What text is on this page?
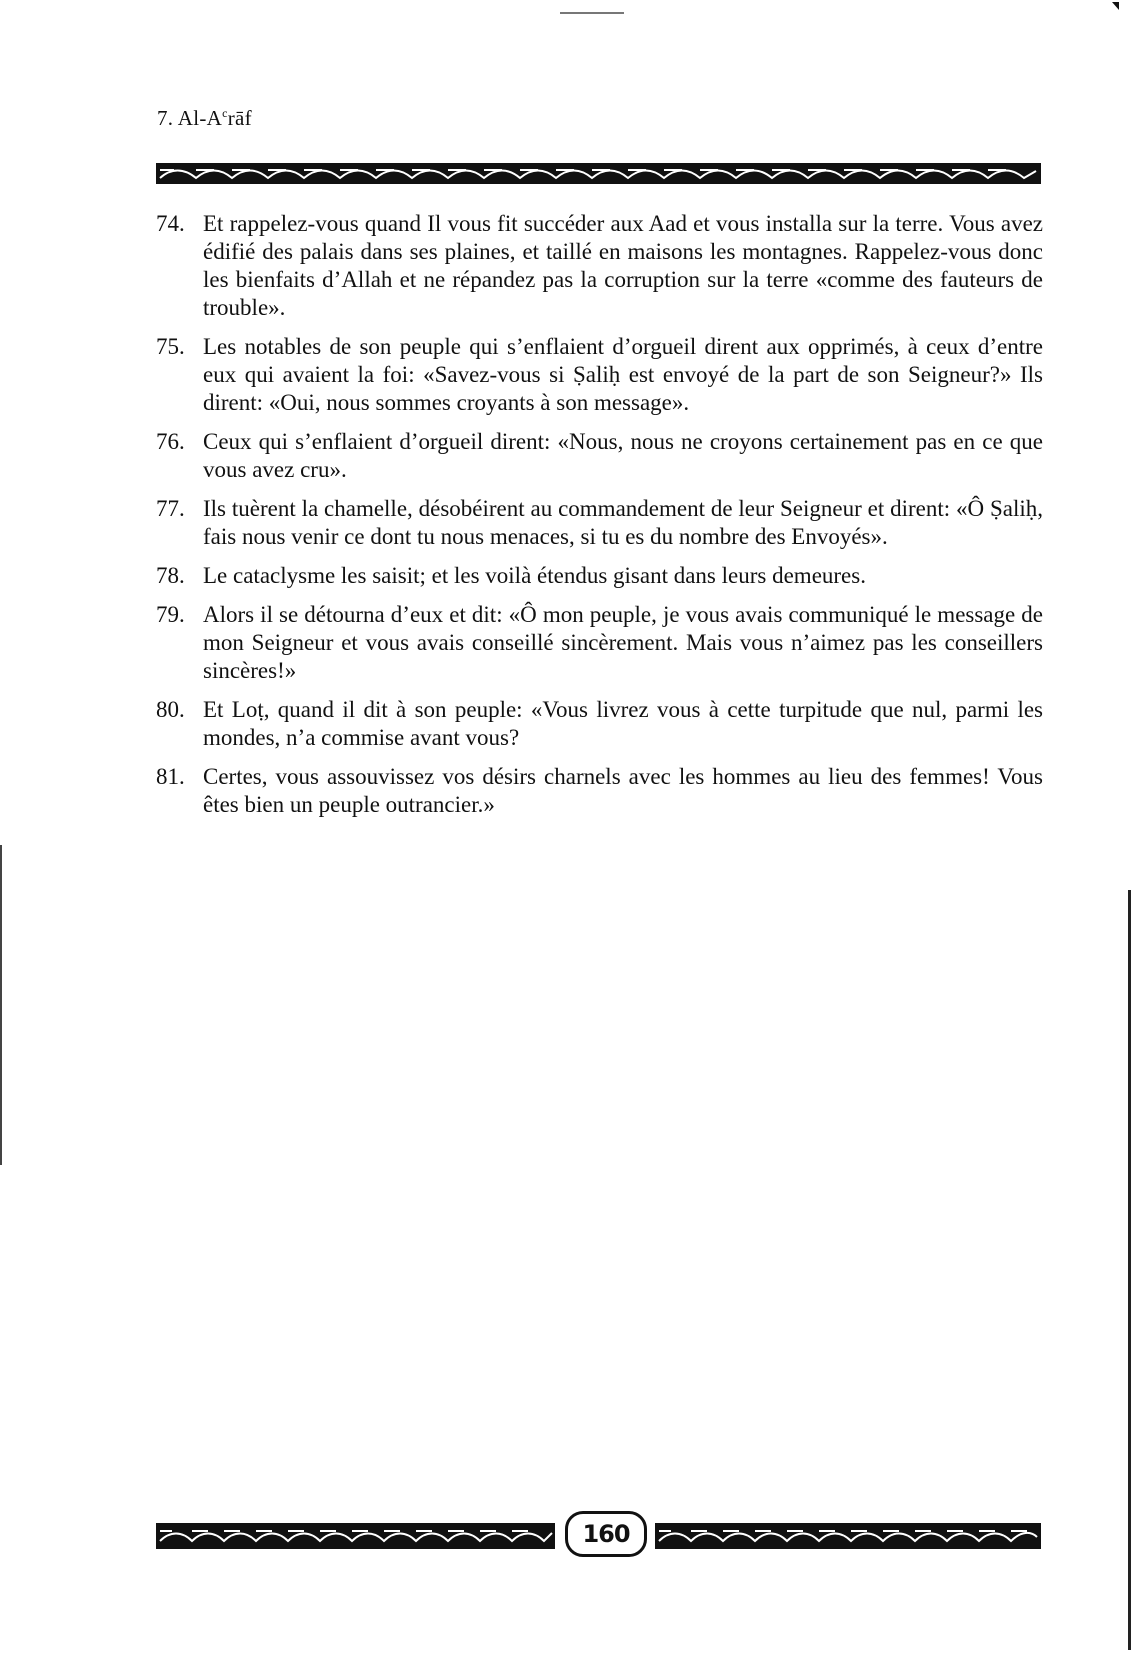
7. $Al-A^crāf$
74. Et rappelez-vous quand Il vous fit succéder aux Aad et vous installa sur la terre. Vous avez édifié des palais dans ses plaines, et taillé en maisons les montagnes. Rappelez-vous donc les bienfaits d’Allah et ne répandez pas la corruption sur la terre «comme des fauteurs de trouble».
75. Les notables de son peuple qui s’enflaient d’orgueil dirent aux opprimés, à ceux d’entre eux qui avaient la foi: «Savez-vous si Ṣaliḥ est envoyé de la part de son Seigneur?» Ils dirent: «Oui, nous sommes croyants à son message».
76. Ceux qui s’enflaient d’orgueil dirent: «Nous, nous ne croyons certainement pas en ce que vous avez cru».
77. Ils tuèrent la chamelle, désobéirent au commandement de leur Seigneur et dirent: «Ô Ṣaliḥ, fais nous venir ce dont tu nous menaces, si tu es du nombre des Envoyés».
78. Le cataclysme les saisit; et les voilà étendus gisant dans leurs demeures.
79. Alors il se détourna d’eux et dit: «Ô mon peuple, je vous avais communiqué le message de mon Seigneur et vous avais conseillé sincèrement. Mais vous n’aimez pas les conseillers sincères!»
80. Et Loṭ, quand il dit à son peuple: «Vous livrez vous à cette turpitude que nul, parmi les mondes, n’a commise avant vous?
81. Certes, vous assouvissez vos désirs charnels avec les hommes au lieu des femmes! Vous êtes bien un peuple outrancier.»
160
